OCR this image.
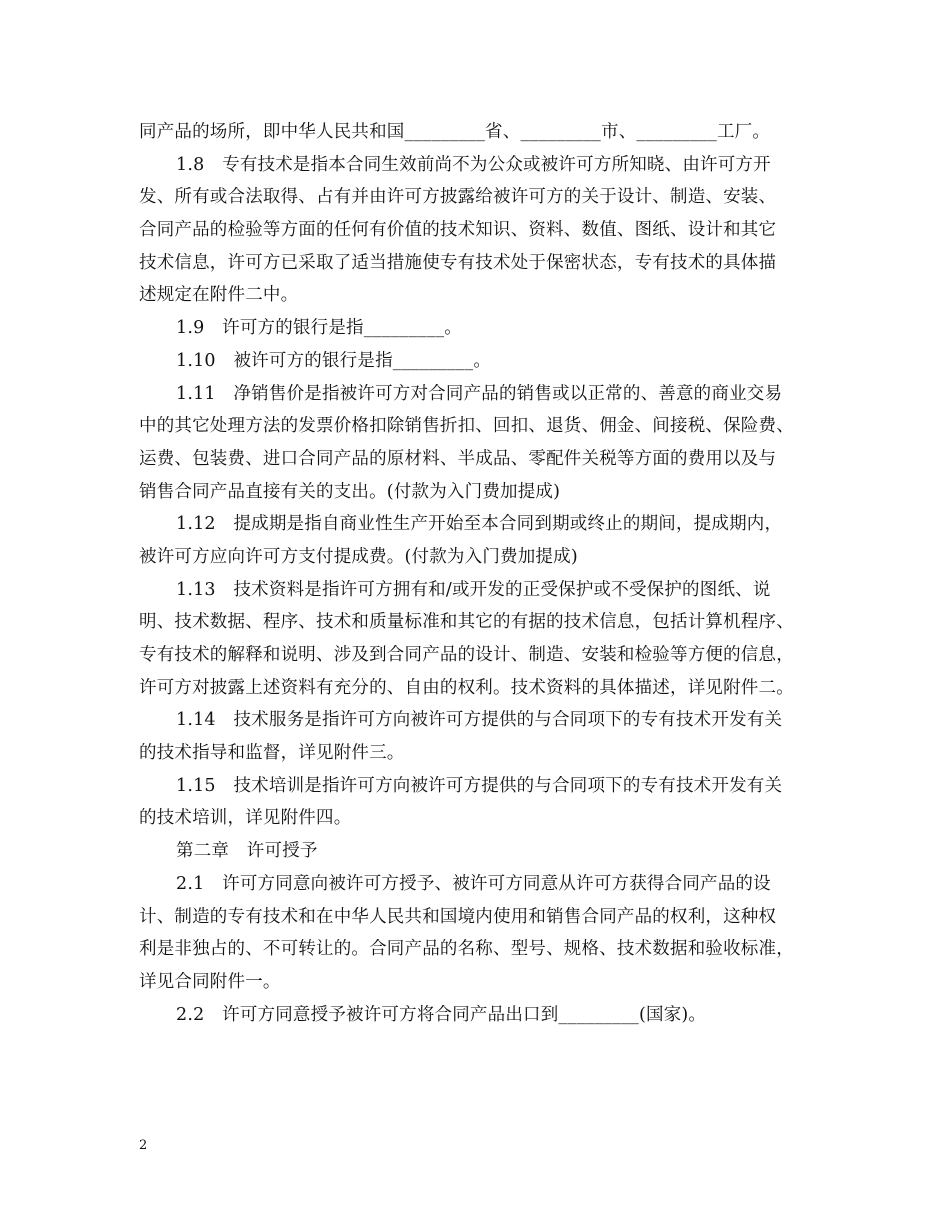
同产品的场所，即中华人民共和国_________省、_________市、_________工厂。
1.8　专有技术是指本合同生效前尚不为公众或被许可方所知晓、由许可方开
发、所有或合法取得、占有并由许可方披露给被许可方的关于设计、制造、安装、
合同产品的检验等方面的任何有价值的技术知识、资料、数值、图纸、设计和其它
技术信息，许可方已采取了适当措施使专有技术处于保密状态，专有技术的具体描
述规定在附件二中。
1.9　许可方的银行是指_________。
1.10　被许可方的银行是指_________。
1.11　净销售价是指被许可方对合同产品的销售或以正常的、善意的商业交易
中的其它处理方法的发票价格扣除销售折扣、回扣、退货、佣金、间接税、保险费、
运费、包装费、进口合同产品的原材料、半成品、零配件关税等方面的费用以及与
销售合同产品直接有关的支出。(付款为入门费加提成)
1.12　提成期是指自商业性生产开始至本合同到期或终止的期间，提成期内，
被许可方应向许可方支付提成费。(付款为入门费加提成)
1.13　技术资料是指许可方拥有和/或开发的正受保护或不受保护的图纸、说
明、技术数据、程序、技术和质量标准和其它的有据的技术信息，包括计算机程序、
专有技术的解释和说明、涉及到合同产品的设计、制造、安装和检验等方便的信息，
许可方对披露上述资料有充分的、自由的权利。技术资料的具体描述，详见附件二。
1.14　技术服务是指许可方向被许可方提供的与合同项下的专有技术开发有关
的技术指导和监督，详见附件三。
1.15　技术培训是指许可方向被许可方提供的与合同项下的专有技术开发有关
的技术培训，详见附件四。
第二章　许可授予
2.1　许可方同意向被许可方授予、被许可方同意从许可方获得合同产品的设
计、制造的专有技术和在中华人民共和国境内使用和销售合同产品的权利，这种权
利是非独占的、不可转让的。合同产品的名称、型号、规格、技术数据和验收标准，
详见合同附件一。
2.2　许可方同意授予被许可方将合同产品出口到_________(国家)。
2
